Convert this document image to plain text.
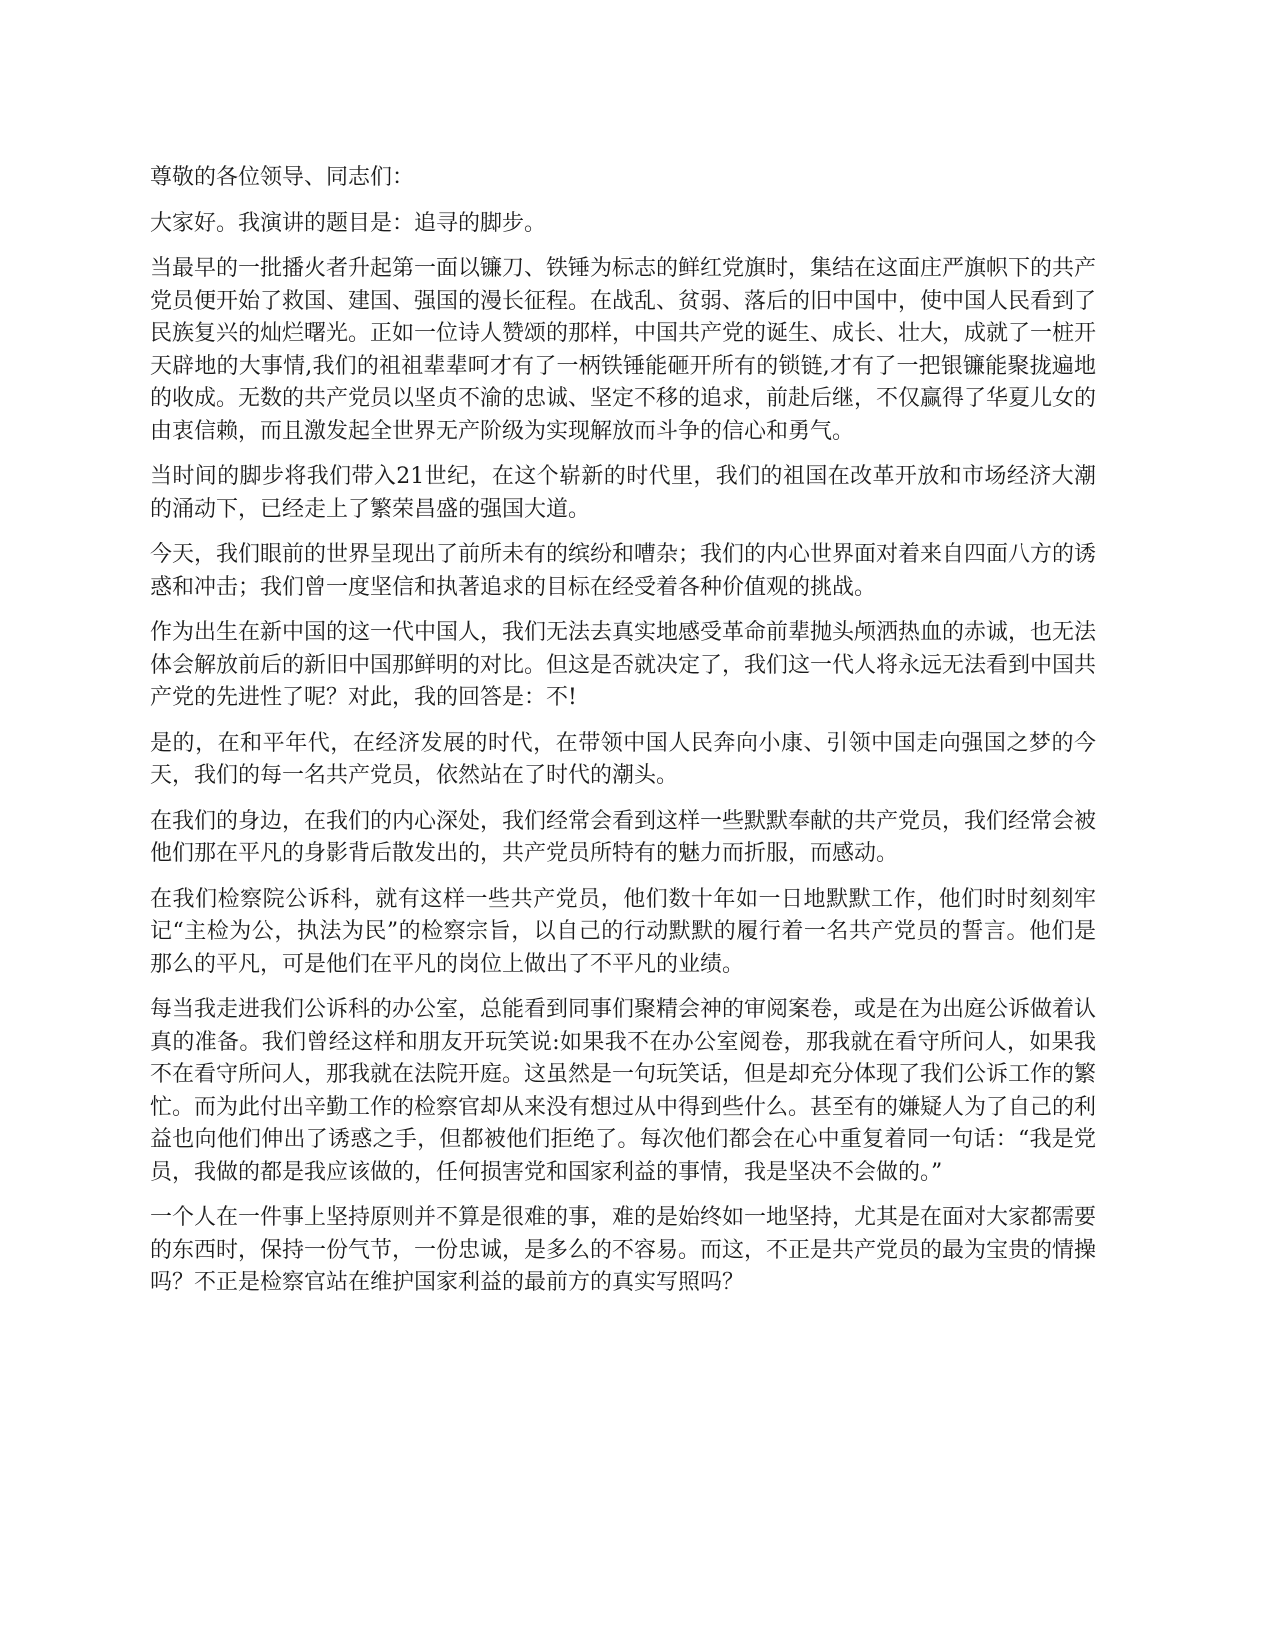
尊敬的各位领导、同志们：

大家好。我演讲的题目是：追寻的脚步。

当最早的一批播火者升起第一面以镰刀、铁锤为标志的鲜红党旗时，集结在这面庄严旗帜下的共产党员便开始了救国、建国、强国的漫长征程。在战乱、贫弱、落后的旧中国中，使中国人民看到了民族复兴的灿烂曙光。正如一位诗人赞颂的那样，中国共产党的诞生、成长、壮大，成就了一桩开天辟地的大事情,我们的祖祖辈辈呵才有了一柄铁锤能砸开所有的锁链,才有了一把银镰能聚拢遍地的收成。无数的共产党员以坚贞不渝的忠诚、坚定不移的追求，前赴后继，不仅赢得了华夏儿女的由衷信赖，而且激发起全世界无产阶级为实现解放而斗争的信心和勇气。

当时间的脚步将我们带入21世纪，在这个崭新的时代里，我们的祖国在改革开放和市场经济大潮的涌动下，已经走上了繁荣昌盛的强国大道。

今天，我们眼前的世界呈现出了前所未有的缤纷和嘈杂；我们的内心世界面对着来自四面八方的诱惑和冲击；我们曾一度坚信和执著追求的目标在经受着各种价值观的挑战。

作为出生在新中国的这一代中国人，我们无法去真实地感受革命前辈抛头颅洒热血的赤诚，也无法体会解放前后的新旧中国那鲜明的对比。但这是否就决定了，我们这一代人将永远无法看到中国共产党的先进性了呢？对此，我的回答是：不!

是的，在和平年代，在经济发展的时代，在带领中国人民奔向小康、引领中国走向强国之梦的今天，我们的每一名共产党员，依然站在了时代的潮头。

在我们的身边，在我们的内心深处，我们经常会看到这样一些默默奉献的共产党员，我们经常会被他们那在平凡的身影背后散发出的，共产党员所特有的魅力而折服，而感动。

在我们检察院公诉科，就有这样一些共产党员，他们数十年如一日地默默工作，他们时时刻刻牢记“主检为公，执法为民”的检察宗旨，以自己的行动默默的履行着一名共产党员的誓言。他们是那么的平凡，可是他们在平凡的岗位上做出了不平凡的业绩。

每当我走进我们公诉科的办公室，总能看到同事们聚精会神的审阅案卷，或是在为出庭公诉做着认真的准备。我们曾经这样和朋友开玩笑说:如果我不在办公室阅卷，那我就在看守所问人，如果我不在看守所问人，那我就在法院开庭。这虽然是一句玩笑话，但是却充分体现了我们公诉工作的繁忙。而为此付出辛勤工作的检察官却从来没有想过从中得到些什么。甚至有的嫌疑人为了自己的利益也向他们伸出了诱惑之手，但都被他们拒绝了。每次他们都会在心中重复着同一句话：“我是党员，我做的都是我应该做的，任何损害党和国家利益的事情，我是坚决不会做的。”

一个人在一件事上坚持原则并不算是很难的事，难的是始终如一地坚持，尤其是在面对大家都需要的东西时，保持一份气节，一份忠诚，是多么的不容易。而这，不正是共产党员的最为宝贵的情操吗？不正是检察官站在维护国家利益的最前方的真实写照吗？
